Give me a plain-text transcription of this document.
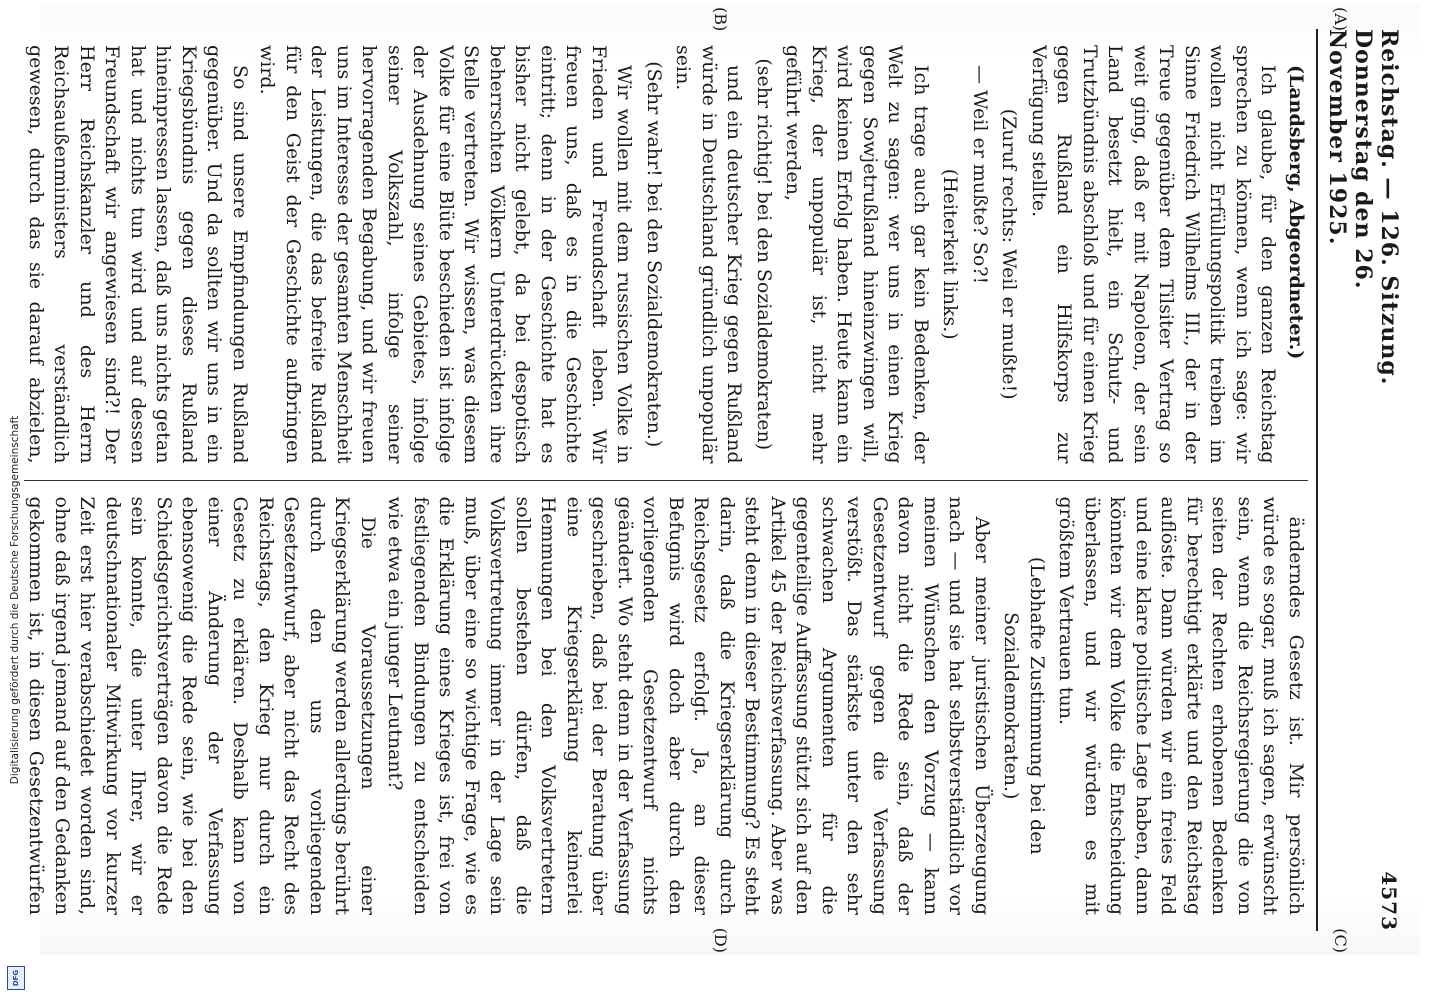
Digitalisierung gefördert durch die Deutsche Forschungsgemeinschaft
DFG
Reichstag. — 126. Sitzung. Donnerstag den 26. November 1925.
4573

(Landsberg, Abgeordneter.)

Ich glaube, für den ganzen Reichstag sprechen zu können, wenn ich sage: wir wollen nicht Erfüllungspolitik treiben im Sinne Friedrich Wilhelms III., der in der Treue gegenüber dem Tilsiter Vertrag so weit ging, daß er mit Napoleon, der sein Land besetzt hielt, ein Schutz- und Trutzbündnis abschloß und für einen Krieg gegen Rußland ein Hilfskorps zur Verfügung stellte.

(Zuruf rechts: Weil er mußte!)

— Weil er mußte? So?!

(Heiterkeit links.)

Ich trage auch gar kein Bedenken, der Welt zu sagen: wer uns in einen Krieg gegen Sowjetrußland hineinzwingen will, wird keinen Erfolg haben. Heute kann ein Krieg, der unpopulär ist, nicht mehr geführt werden,

(sehr richtig! bei den Sozialdemokraten)

und ein deutscher Krieg gegen Rußland würde in Deutschland gründlich unpopulär sein.

(Sehr wahr! bei den Sozialdemokraten.)

Wir wollen mit dem russischen Volke in Frieden und Freundschaft leben. Wir freuen uns, daß es in die Geschichte eintritt; denn in der Geschichte hat es bisher nicht gelebt, da bei despotisch beherrschten Völkern Unterdrückten ihre Stelle vertreten. Wir wissen, was diesem Volke für eine Blüte beschieden ist infolge der Ausdehnung seines Gebietes, infolge seiner Volkszahl, infolge seiner hervorragenden Begabung, und wir freuen uns im Interesse der gesamten Menschheit der Leistungen, die das befreite Rußland für den Geist der Geschichte aufbringen wird.

So sind unsere Empfindungen Rußland gegenüber. Und da sollten wir uns in ein Kriegsbündnis gegen dieses Rußland hineinpressen lassen, daß uns nichts getan hat und nichts tun wird und auf dessen Freundschaft wir angewiesen sind?! Der Herr Reichskanzler und des Herrn Reichsaußenministers verständlich gewesen, durch das sie darauf abzielen,

änderndes Gesetz ist. Mir persönlich würde es sogar, muß ich sagen, erwünscht sein, wenn die Reichsregierung die von seiten der Rechten erhobenen Bedenken für berechtigt erklärte und den Reichstag auflöste. Dann würden wir ein freies Feld und eine klare politische Lage haben, dann könnten wir dem Volke die Entscheidung überlassen, und wir würden es mit größtem Vertrauen tun.

(Lebhafte Zustimmung bei den Sozialdemokraten.)

Aber meiner juristischen Überzeugung nach — und sie hat selbstverständlich vor meinen Wünschen den Vorzug — kann davon nicht die Rede sein, daß der Gesetzentwurf gegen die Verfassung verstößt. Das stärkste unter den sehr schwachen Argumenten für die gegenteilige Auffassung stützt sich auf den Artikel 45 der Reichsverfassung. Aber was steht denn in dieser Bestimmung? Es steht darin, daß die Kriegserklärung durch Reichsgesetz erfolgt. Ja, an dieser Befugnis wird doch aber durch den vorliegenden Gesetzentwurf nichts geändert. Wo steht denn in der Verfassung geschrieben, daß bei der Beratung über eine Kriegserklärung keinerlei Hemmungen bei den Volksvertretern sollen bestehen dürfen, daß die Volksvertretung immer in der Lage sein muß, über eine so wichtige Frage, wie es die Erklärung eines Krieges ist, frei von festliegenden Bindungen zu entscheiden wie etwa ein junger Leutnant?

Die Voraussetzungen einer Kriegserklärung werden allerdings berührt durch den uns vorliegenden Gesetzentwurf, aber nicht das Recht des Reichstags, den Krieg nur durch ein Gesetz zu erklären. Deshalb kann von einer Änderung der Verfassung ebensowenig die Rede sein, wie bei den Schiedsgerichtsverträgen davon die Rede sein konnte, die unter Ihrer, wir er deutschnationaler Mitwirkung vor kurzer Zeit erst hier verabschiedet worden sind, ohne daß irgend jemand auf den Gedanken gekommen ist, in diesen Gesetzentwürfen

(A)
(B)
(C)
(D)
